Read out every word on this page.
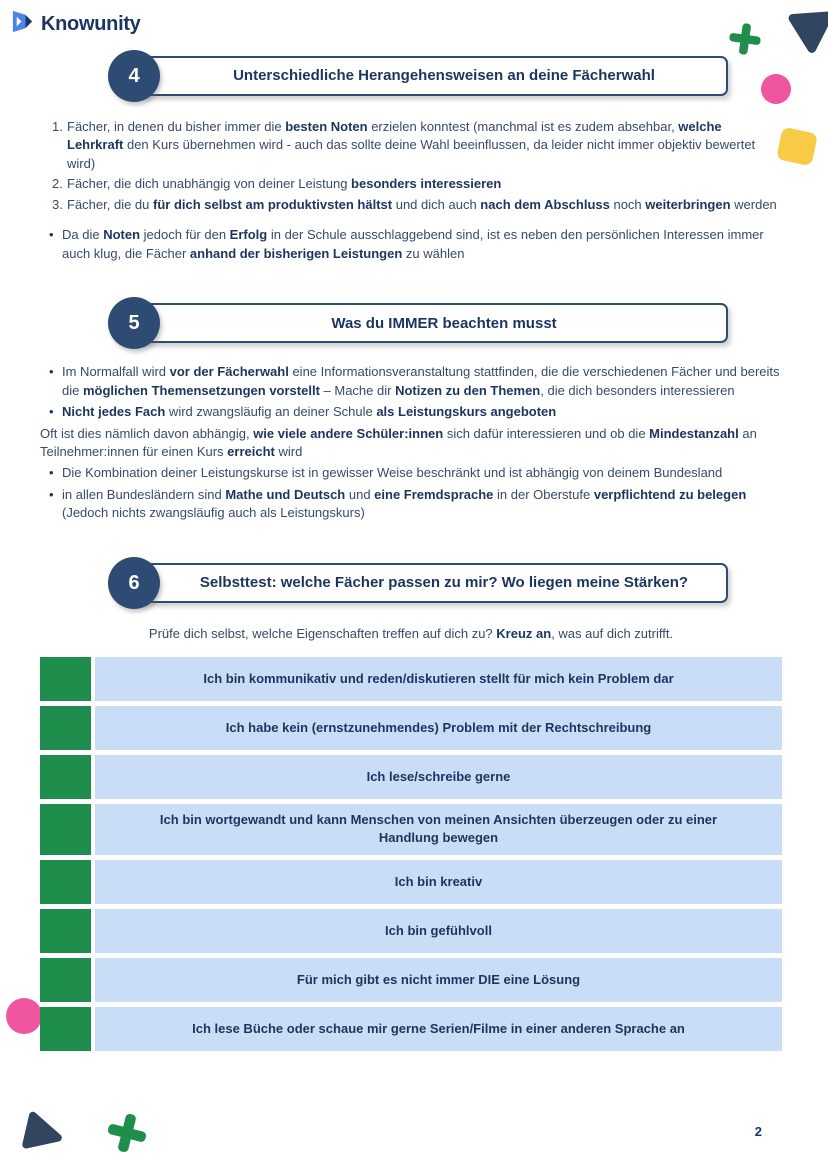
Knowunity
4	Unterschiedliche Herangehensweisen an deine Fächerwahl
1. Fächer, in denen du bisher immer die besten Noten erzielen konntest (manchmal ist es zudem absehbar, welche Lehrkraft den Kurs übernehmen wird - auch das sollte deine Wahl beeinflussen, da leider nicht immer objektiv bewertet wird)
2. Fächer, die dich unabhängig von deiner Leistung besonders interessieren
3. Fächer, die du für dich selbst am produktivsten hältst und dich auch nach dem Abschluss noch weiterbringen werden
• Da die Noten jedoch für den Erfolg in der Schule ausschlaggebend sind, ist es neben den persönlichen Interessen immer auch klug, die Fächer anhand der bisherigen Leistungen zu wählen
5	Was du IMMER beachten musst
• Im Normalfall wird vor der Fächerwahl eine Informationsveranstaltung stattfinden, die die verschiedenen Fächer und bereits die möglichen Themensetzungen vorstellt – Mache dir Notizen zu den Themen, die dich besonders interessieren
• Nicht jedes Fach wird zwangsläufig an deiner Schule als Leistungskurs angeboten
Oft ist dies nämlich davon abhängig, wie viele andere Schüler:innen sich dafür interessieren und ob die Mindestanzahl an Teilnehmer:innen für einen Kurs erreicht wird
• Die Kombination deiner Leistungskurse ist in gewisser Weise beschränkt und ist abhängig von deinem Bundesland
• in allen Bundesländern sind Mathe und Deutsch und eine Fremdsprache in der Oberstufe verpflichtend zu belegen (Jedoch nichts zwangsläufig auch als Leistungskurs)
6	Selbsttest: welche Fächer passen zu mir? Wo liegen meine Stärken?
Prüfe dich selbst, welche Eigenschaften treffen auf dich zu? Kreuz an, was auf dich zutrifft.
Ich bin kommunikativ und reden/diskutieren stellt für mich kein Problem dar
Ich habe kein (ernstzunehmendes) Problem mit der Rechtschreibung
Ich lese/schreibe gerne
Ich bin wortgewandt und kann Menschen von meinen Ansichten überzeugen oder zu einer Handlung bewegen
Ich bin kreativ
Ich bin gefühlvoll
Für mich gibt es nicht immer DIE eine Lösung
Ich lese Büche oder schaue mir gerne Serien/Filme in einer anderen Sprache an
2
